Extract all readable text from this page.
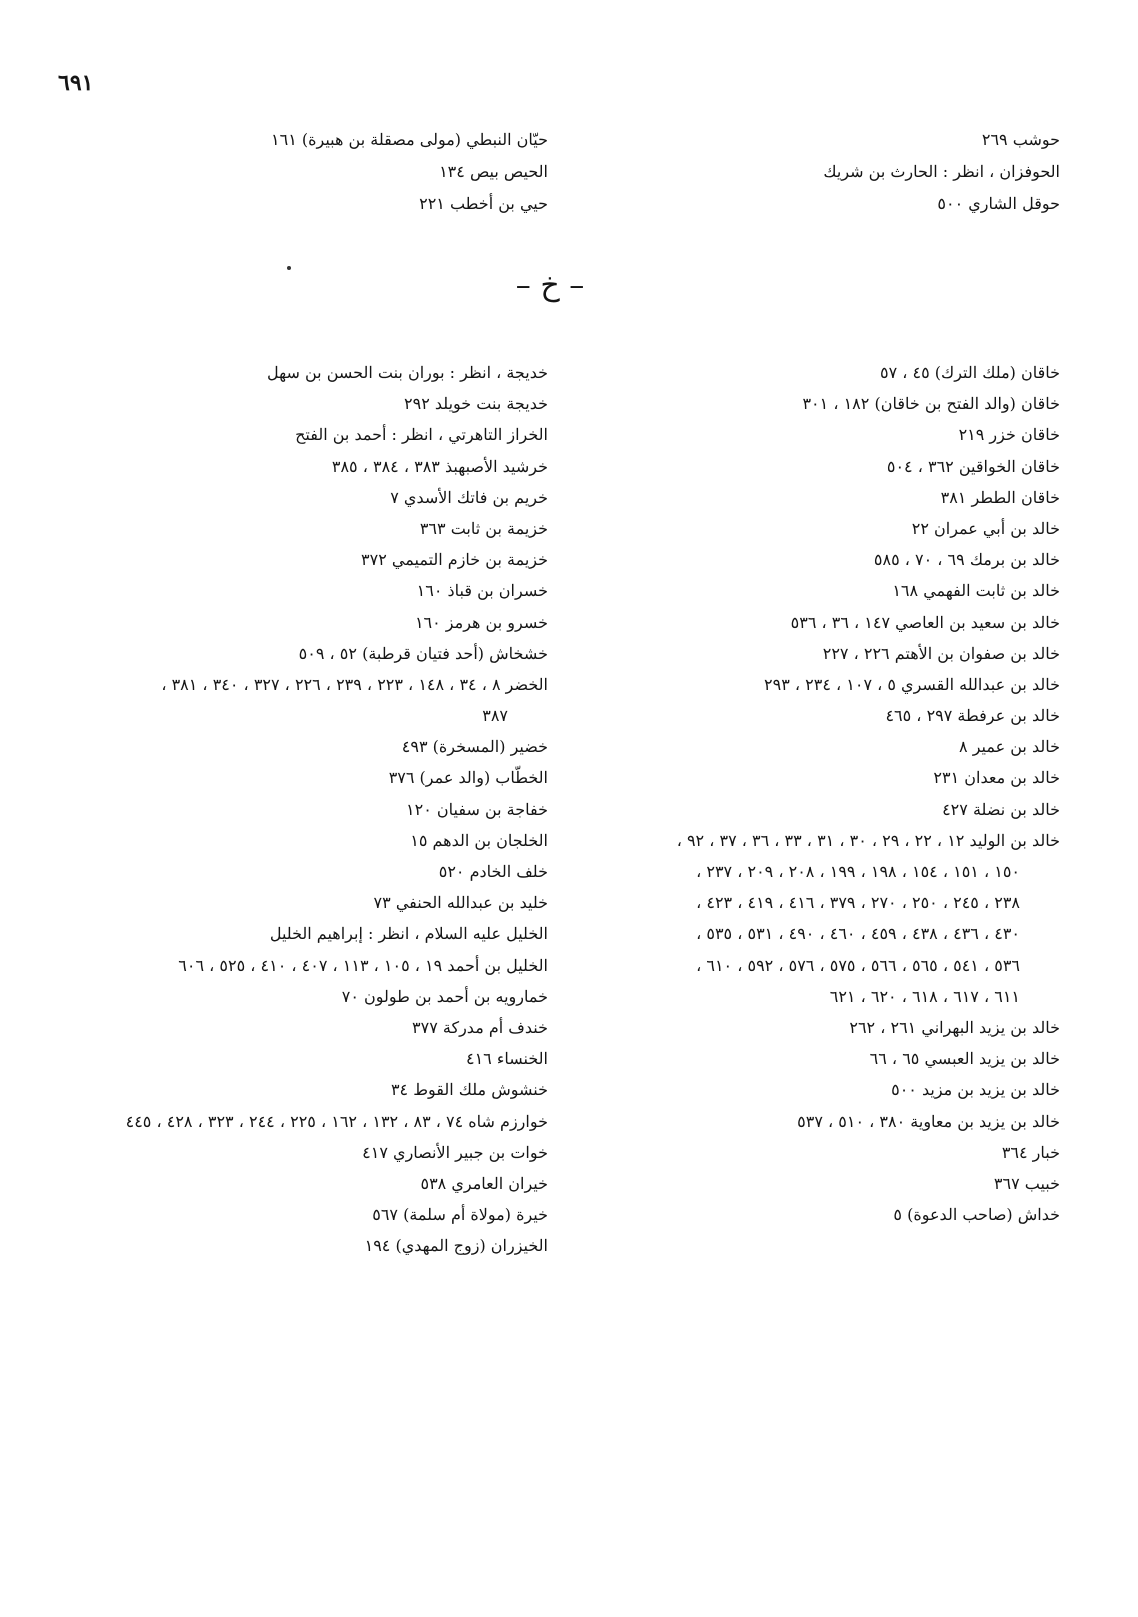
٦٩١
حوشب ٢٦٩
الحوفزان ، انظر : الحارث بن شريك
حوقل الشاري ٥٠٠
حيّان النبطي (مولى مصقلة بن هبيرة) ١٦١
الحيص بيص ١٣٤
حيي بن أخطب ٢٢١
– خ –
خاقان (ملك الترك) ٤٥ ، ٥٧
خاقان (والد الفتح بن خاقان) ١٨٢ ، ٣٠١
خاقان خزر ٢١٩
خاقان الخواقين ٣٦٢ ، ٥٠٤
خاقان الططر ٣٨١
خالد بن أبي عمران ٢٢
خالد بن برمك ٦٩ ، ٧٠ ، ٥٨٥
خالد بن ثابت الفهمي ١٦٨
خالد بن سعيد بن العاصي ١٤٧ ، ٣٦ ، ٥٣٦
خالد بن صفوان بن الأهتم ٢٢٦ ، ٢٢٧
خالد بن عبدالله القسري ٥ ، ١٠٧ ، ٢٣٤ ، ٢٩٣
خالد بن عرفطة ٢٩٧ ، ٤٦٥
خالد بن عمير ٨
خالد بن معدان ٢٣١
خالد بن نضلة ٤٢٧
خالد بن الوليد ١٢ ، ٢٢ ، ٢٩ ، ٣٠ ، ٣١ ، ٣٣ ، ٣٦ ، ٣٧ ، ٩٢ ،
١٥٠ ، ١٥١ ، ١٥٤ ، ١٩٨ ، ١٩٩ ، ٢٠٨ ، ٢٠٩ ، ٢٣٧ ،
٢٣٨ ، ٢٤٥ ، ٢٥٠ ، ٢٧٠ ، ٣٧٩ ، ٤١٦ ، ٤١٩ ، ٤٢٣ ،
٤٣٠ ، ٤٣٦ ، ٤٣٨ ، ٤٥٩ ، ٤٦٠ ، ٤٩٠ ، ٥٣١ ، ٥٣٥ ،
٥٣٦ ، ٥٤١ ، ٥٦٥ ، ٥٦٦ ، ٥٧٥ ، ٥٧٦ ، ٥٩٢ ، ٦١٠ ،
٦١١ ، ٦١٧ ، ٦١٨ ، ٦٢٠ ، ٦٢١
خالد بن يزيد البهراني ٢٦١ ، ٢٦٢
خالد بن يزيد العبسي ٦٥ ، ٦٦
خالد بن يزيد بن مزيد ٥٠٠
خالد بن يزيد بن معاوية ٣٨٠ ، ٥١٠ ، ٥٣٧
خبار ٣٦٤
خبيب ٣٦٧
خداش (صاحب الدعوة) ٥
خديجة ، انظر : بوران بنت الحسن بن سهل
خديجة بنت خويلد ٢٩٢
الخراز التاهرتي ، انظر : أحمد بن الفتح
خرشيد الأصبهبذ ٣٨٣ ، ٣٨٤ ، ٣٨٥
خريم بن فاتك الأسدي ٧
خزيمة بن ثابت ٣٦٣
خزيمة بن خازم التميمي ٣٧٢
خسران بن قباذ ١٦٠
خسرو بن هرمز ١٦٠
خشخاش (أحد فتيان قرطبة) ٥٢ ، ٥٠٩
الخضر ٨ ، ٣٤ ، ١٤٨ ، ٢٢٣ ، ٢٣٩ ، ٢٢٦ ، ٣٢٧ ، ٣٤٠ ، ٣٨١ ،
٣٨٧
خضير (المسخرة) ٤٩٣
الخطّاب (والد عمر) ٣٧٦
خفاجة بن سفيان ١٢٠
الخلجان بن الدهم ١٥
خلف الخادم ٥٢٠
خليد بن عبدالله الحنفي ٧٣
الخليل عليه السلام ، انظر : إبراهيم الخليل
الخليل بن أحمد ١٩ ، ١٠٥ ، ١١٣ ، ٤٠٧ ، ٤١٠ ، ٥٢٥ ، ٦٠٦
خمارويه بن أحمد بن طولون ٧٠
خندف أم مدركة ٣٧٧
الخنساء ٤١٦
خنشوش ملك القوط ٣٤
خوارزم شاه ٧٤ ، ٨٣ ، ١٣٢ ، ١٦٢ ، ٢٢٥ ، ٢٤٤ ، ٣٢٣ ، ٤٢٨ ، ٤٤٥
خوات بن جبير الأنصاري ٤١٧
خيران العامري ٥٣٨
خيرة (مولاة أم سلمة) ٥٦٧
الخيزران (زوج المهدي) ١٩٤
